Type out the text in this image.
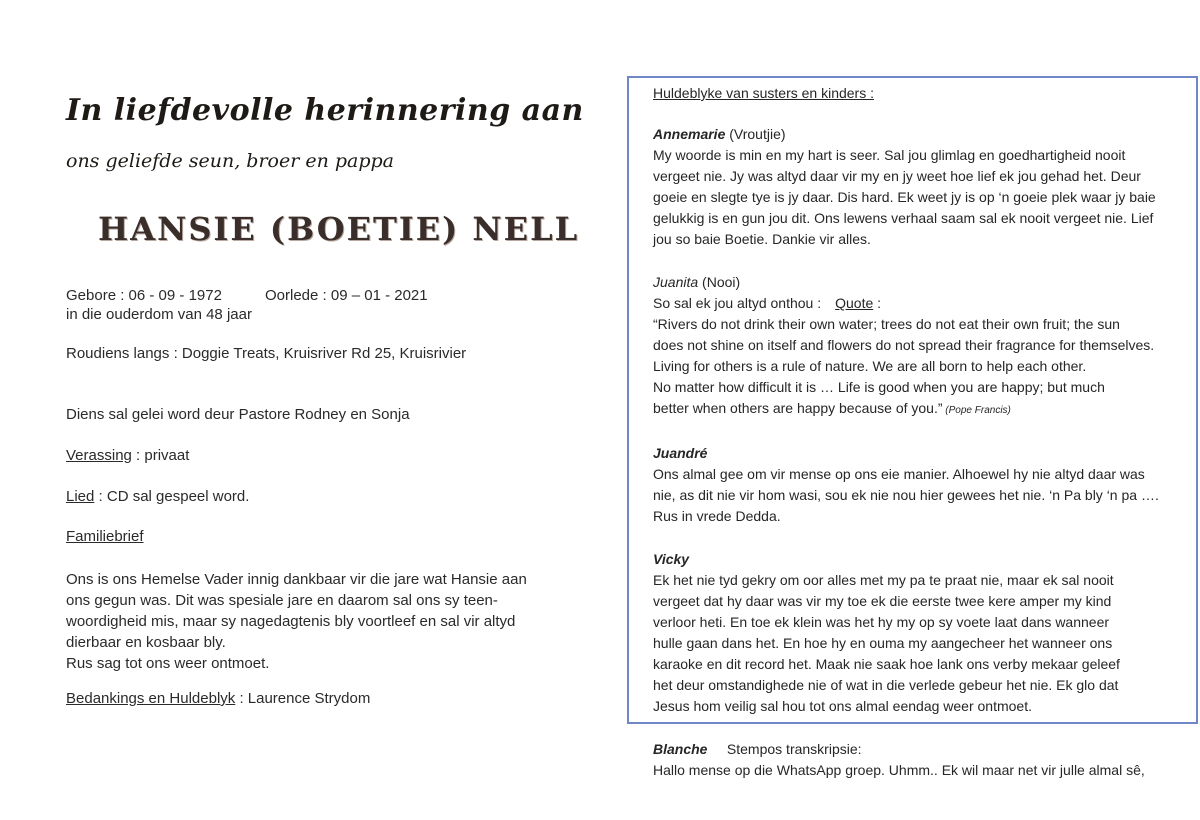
In liefdevolle herinnering aan
ons geliefde seun, broer en pappa
HANSIE (BOETIE) NELL
Gebore : 06 - 09 - 1972	Oorlede : 09 – 01 - 2021
in die ouderdom van 48 jaar
Roudiens langs : Doggie Treats, Kruisriver Rd 25, Kruisrivier
Diens sal gelei word deur Pastore Rodney en Sonja
Verassing : privaat
Lied : CD sal gespeel word.
Familiebrief
Ons is ons Hemelse Vader innig dankbaar vir die jare wat Hansie aan
ons gegun was. Dit was spesiale jare en daarom sal ons sy teen-
woordigheid mis, maar sy nagedagtenis bly voortleef en sal vir altyd
dierbaar en kosbaar bly.
Rus sag tot ons weer ontmoet.
Bedankings en Huldeblyk : Laurence Strydom
Huldeblyke van susters en kinders :
Annemarie (Vroutjie)
My woorde is min en my hart is seer. Sal jou glimlag en goedhartigheid nooit
vergeet nie. Jy was altyd daar vir my en jy weet hoe lief ek jou gehad het. Deur
goeie en slegte tye is jy daar. Dis hard. Ek weet jy is op ‘n goeie plek waar jy baie
gelukkig is en gun jou dit. Ons lewens verhaal saam sal ek nooit vergeet nie. Lief
jou so baie Boetie. Dankie vir alles.
Juanita (Nooi)
So sal ek jou altyd onthou : Quote :
“Rivers do not drink their own water; trees do not eat their own fruit; the sun
does not shine on itself and flowers do not spread their fragrance for themselves.
Living for others is a rule of nature. We are all born to help each other.
No matter how difficult it is … Life is good when you are happy; but much
better when others are happy because of you.” (Pope Francis)
Juandré
Ons almal gee om vir mense op ons eie manier. Alhoewel hy nie altyd daar was
nie, as dit nie vir hom wasi, sou ek nie nou hier gewees het nie. ‘n Pa bly ‘n pa ….
Rus in vrede Dedda.
Vicky
Ek het nie tyd gekry om oor alles met my pa te praat nie, maar ek sal nooit
vergeet dat hy daar was vir my toe ek die eerste twee kere amper my kind
verloor heti. En toe ek klein was het hy my op sy voete laat dans wanneer
hulle gaan dans het. En hoe hy en ouma my aangecheer het wanneer ons
karaoke en dit record het. Maak nie saak hoe lank ons verby mekaar geleef
het deur omstandighede nie of wat in die verlede gebeur het nie. Ek glo dat
Jesus hom veilig sal hou tot ons almal eendag weer ontmoet.
Blanche     Stempos transkripsie:
Hallo mense op die WhatsApp groep. Uhmm.. Ek wil maar net vir julle almal sê,
